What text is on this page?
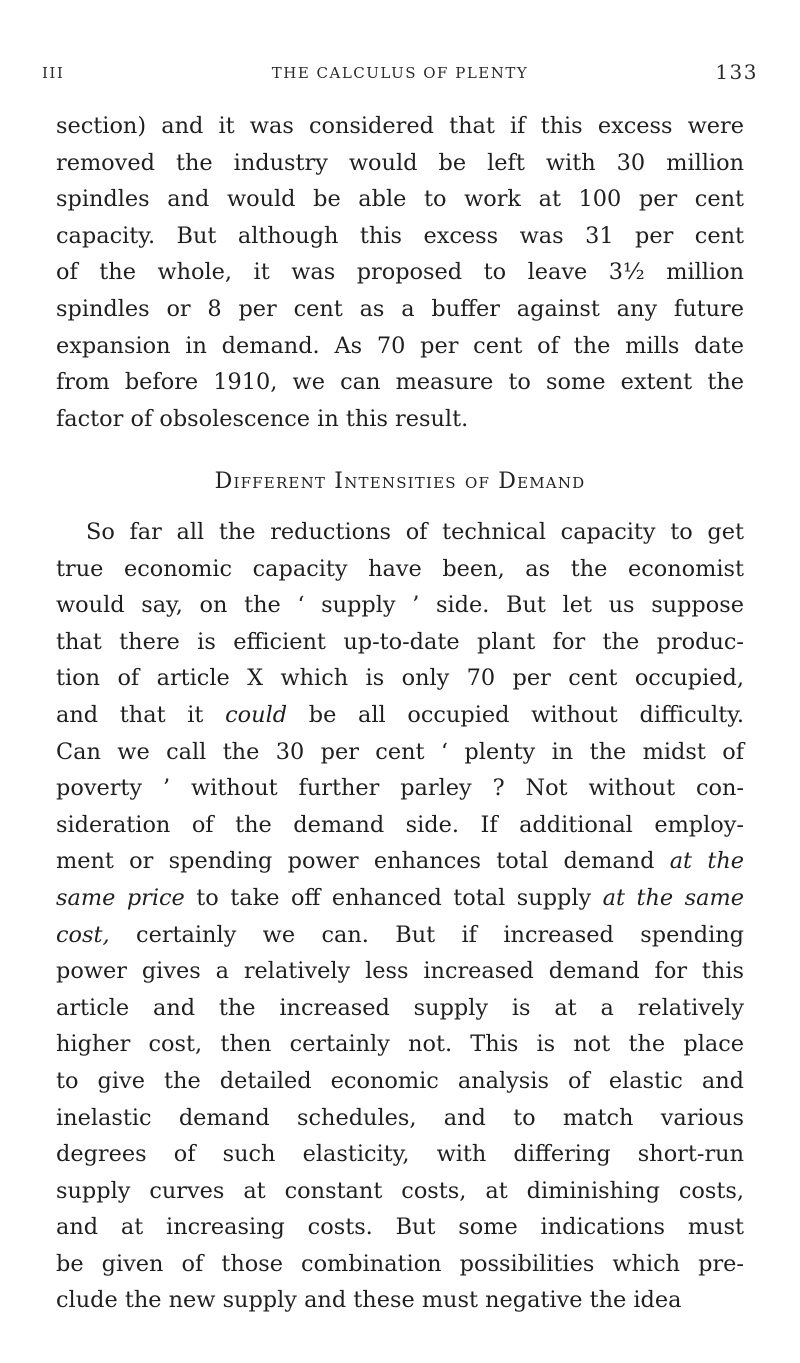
III	THE CALCULUS OF PLENTY	133
section) and it was considered that if this excess were
removed the industry would be left with 30 million
spindles and would be able to work at 100 per cent
capacity. But although this excess was 31 per cent
of the whole, it was proposed to leave 3½ million
spindles or 8 per cent as a buffer against any future
expansion in demand. As 70 per cent of the mills date
from before 1910, we can measure to some extent the
factor of obsolescence in this result.
Different Intensities of Demand
So far all the reductions of technical capacity to get
true economic capacity have been, as the economist
would say, on the ‘ supply ’ side. But let us suppose
that there is efficient up-to-date plant for the produc-
tion of article X which is only 70 per cent occupied,
and that it could be all occupied without difficulty.
Can we call the 30 per cent ‘ plenty in the midst of
poverty ’ without further parley ? Not without con-
sideration of the demand side. If additional employ-
ment or spending power enhances total demand at the
same price to take off enhanced total supply at the same
cost, certainly we can. But if increased spending
power gives a relatively less increased demand for this
article and the increased supply is at a relatively
higher cost, then certainly not. This is not the place
to give the detailed economic analysis of elastic and
inelastic demand schedules, and to match various
degrees of such elasticity, with differing short-run
supply curves at constant costs, at diminishing costs,
and at increasing costs. But some indications must
be given of those combination possibilities which pre-
clude the new supply and these must negative the idea
